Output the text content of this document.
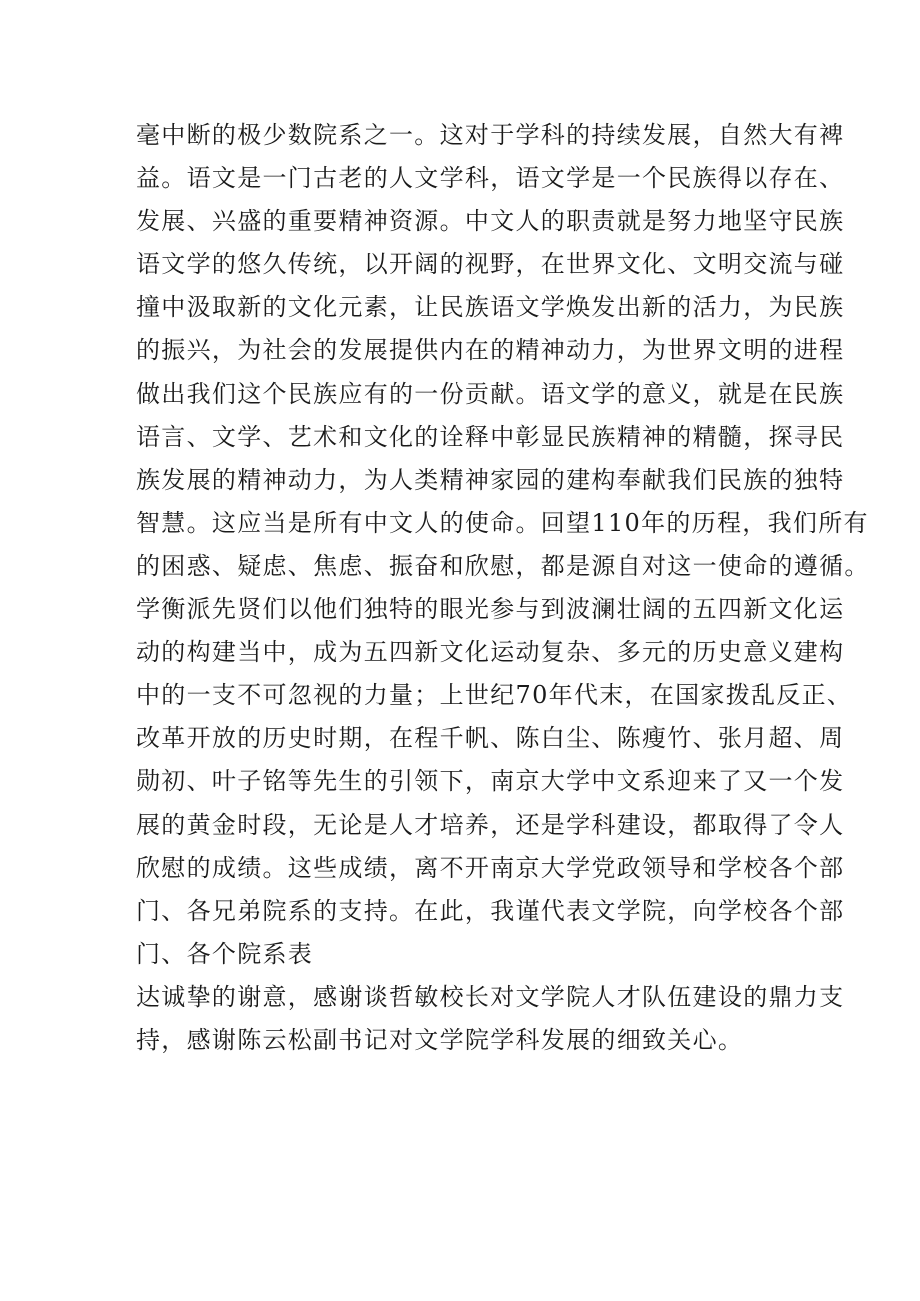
毫中断的极少数院系之一。这对于学科的持续发展，自然大有裨
益。语文是一门古老的人文学科，语文学是一个民族得以存在、
发展、兴盛的重要精神资源。中文人的职责就是努力地坚守民族
语文学的悠久传统，以开阔的视野，在世界文化、文明交流与碰
撞中汲取新的文化元素，让民族语文学焕发出新的活力，为民族
的振兴，为社会的发展提供内在的精神动力，为世界文明的进程
做出我们这个民族应有的一份贡献。语文学的意义，就是在民族
语言、文学、艺术和文化的诠释中彰显民族精神的精髓，探寻民
族发展的精神动力，为人类精神家园的建构奉献我们民族的独特
智慧。这应当是所有中文人的使命。回望110年的历程，我们所有
的困惑、疑虑、焦虑、振奋和欣慰，都是源自对这一使命的遵循。
学衡派先贤们以他们独特的眼光参与到波澜壮阔的五四新文化运
动的构建当中，成为五四新文化运动复杂、多元的历史意义建构
中的一支不可忽视的力量；上世纪70年代末，在国家拨乱反正、
改革开放的历史时期，在程千帆、陈白尘、陈瘦竹、张月超、周
勋初、叶子铭等先生的引领下，南京大学中文系迎来了又一个发
展的黄金时段，无论是人才培养，还是学科建设，都取得了令人
欣慰的成绩。这些成绩，离不开南京大学党政领导和学校各个部
门、各兄弟院系的支持。在此，我谨代表文学院，向学校各个部
门、各个院系表
达诚挚的谢意，感谢谈哲敏校长对文学院人才队伍建设的鼎力支
持，感谢陈云松副书记对文学院学科发展的细致关心。
